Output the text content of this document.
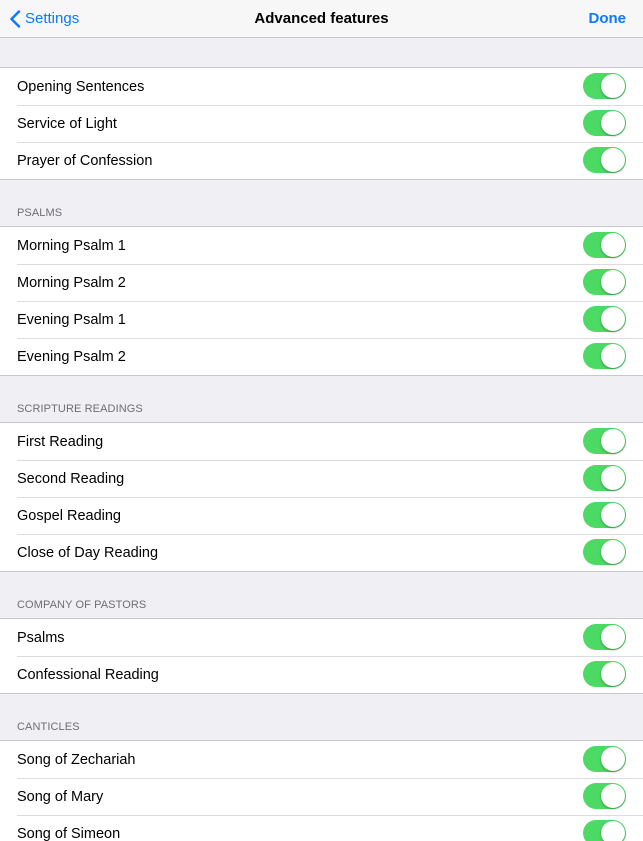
Settings	Advanced features	Done
Opening Sentences
Service of Light
Prayer of Confession
PSALMS
Morning Psalm 1
Morning Psalm 2
Evening Psalm 1
Evening Psalm 2
SCRIPTURE READINGS
First Reading
Second Reading
Gospel Reading
Close of Day Reading
COMPANY OF PASTORS
Psalms
Confessional Reading
CANTICLES
Song of Zechariah
Song of Mary
Song of Simeon
